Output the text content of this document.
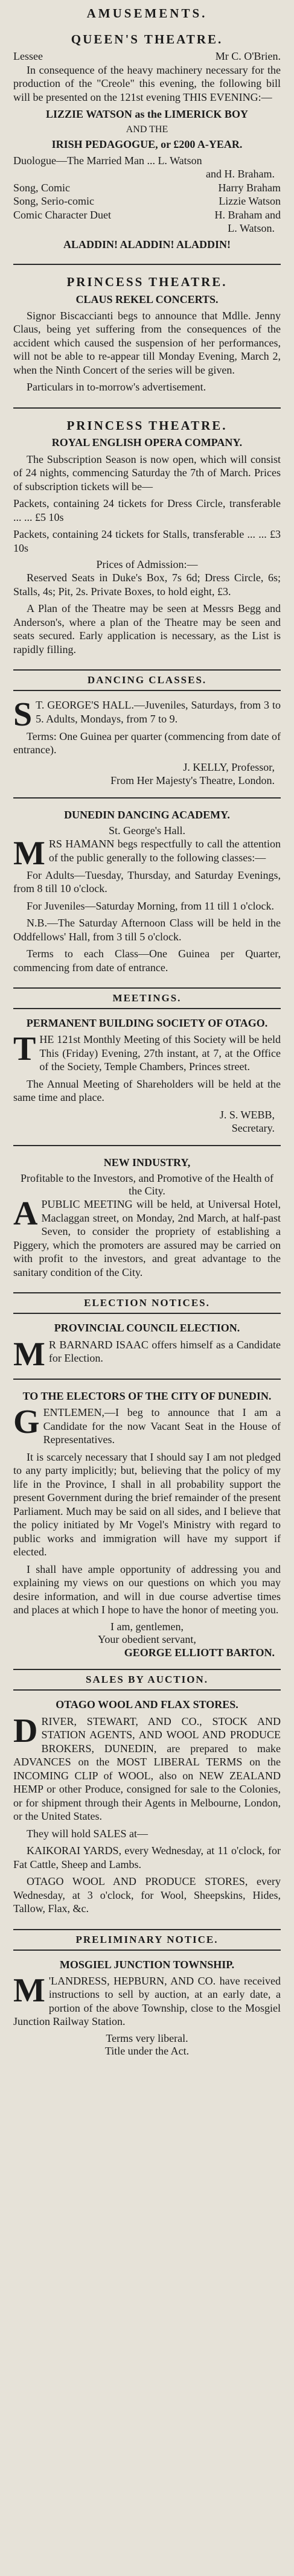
AMUSEMENTS.
QUEEN'S THEATRE.
Lessee	Mr C. O'Brien.

In consequence of the heavy machinery necessary for the production of the "Creole" this evening, the following bill will be presented on the 121st evening THIS EVENING:—

LIZZIE WATSON as the LIMERICK BOY
AND THE
IRISH PEDAGOGUE, or £200 A-YEAR.
Duologue—The Married Man ... L. Watson
and H. Braham.
Song, Comic	Harry Braham
Song, Serio-comic	Lizzie Watson
Comic Character Duet	H. Braham and
L. Watson.
ALADDIN! ALADDIN! ALADDIN!
PRINCESS THEATRE.
CLAUS REKEL CONCERTS.

Signor Biscaccianti begs to announce that Mdlle. Jenny Claus, being yet suffering from the consequences of the accident which caused the suspension of her performances, will not be able to re-appear till Monday Evening, March 2, when the Ninth Concert of the series will be given.

Particulars in to-morrow's advertisement.

PRINCESS THEATRE.
ROYAL ENGLISH OPERA COMPANY.

The Subscription Season is now open, which will consist of 24 nights, commencing Saturday the 7th of March. Prices of subscription tickets will be—

Packets, containing 24 tickets for Dress Circle, transferable ... ... £5 10s

Packets, containing 24 tickets for Stalls, transferable ... ... £3 10s

Prices of Admission:—

Reserved Seats in Duke's Box, 7s 6d; Dress Circle, 6s; Stalls, 4s; Pit, 2s. Private Boxes, to hold eight, £3.

A Plan of the Theatre may be seen at Messrs Begg and Anderson's, where a plan of the Theatre may be seen and seats secured. Early application is necessary, as the List is rapidly filling.

DANCING CLASSES.

S T. GEORGE'S HALL.—Juveniles, Saturdays, from 3 to 5. Adults, Mondays, from 7 to 9.

Terms: One Guinea per quarter (commencing from date of entrance).

J. KELLY, Professor,
From Her Majesty's Theatre, London.
DUNEDIN DANCING ACADEMY.
St. George's Hall.

MRS HAMANN begs respectfully to call the attention of the public generally to the following classes:—

For Adults—Tuesday, Thursday, and Saturday Evenings, from 8 till 10 o'clock.

For Juveniles—Saturday Morning, from 11 till 1 o'clock.

N.B.—The Saturday Afternoon Class will be held in the Oddfellows' Hall, from 3 till 5 o'clock.

Terms to each Class—One Guinea per Quarter, commencing from date of entrance.

MEETINGS.
PERMANENT BUILDING SOCIETY OF OTAGO.

THE 121st Monthly Meeting of this Society will be held This (Friday) Evening, 27th instant, at 7, at the Office of the Society, Temple Chambers, Princes street.

The Annual Meeting of Shareholders will be held at the same time and place.

J. S. WEBB,
Secretary.
NEW INDUSTRY,
Profitable to the Investors, and Promotive of the Health of the City.

APUBLIC MEETING will be held, at Universal Hotel, Maclaggan street, on Monday, 2nd March, at half-past Seven, to consider the propriety of establishing a Piggery, which the promoters are assured may be carried on with profit to the investors, and great advantage to the sanitary condition of the City.

ELECTION NOTICES.
PROVINCIAL COUNCIL ELECTION.

M R BARNARD ISAAC offers himself as a Candidate for Election.

TO THE ELECTORS OF THE CITY OF DUNEDIN.

GENTLEMEN,—I beg to announce that I am a Candidate for the now Vacant Seat in the House of Representatives.

It is scarcely necessary that I should say I am not pledged to any party implicitly; but, believing that the policy of my life in the Province, I shall in all probability support the present Government during the brief remainder of the present Parliament. Much may be said on all sides, and I believe that the policy initiated by Mr Vogel's Ministry with regard to public works and immigration will have my support if elected.

I shall have ample opportunity of addressing you and explaining my views on our questions on which you may desire information, and will in due course advertise times and places at which I hope to have the honor of meeting you.

I am, gentlemen,
Your obedient servant,
GEORGE ELLIOTT BARTON.
SALES BY AUCTION.
OTAGO WOOL AND FLAX STORES.

DRIVER, STEWART, AND CO., STOCK AND STATION AGENTS, AND WOOL AND PRODUCE BROKERS, DUNEDIN, are prepared to make ADVANCES on the MOST LIBERAL TERMS on the INCOMING CLIP of WOOL, also on NEW ZEALAND HEMP or other Produce, consigned for sale to the Colonies, or for shipment through their Agents in Melbourne, London, or the United States.

They will hold SALES at—

KAIKORAI YARDS, every Wednesday, at 11 o'clock, for Fat Cattle, Sheep and Lambs.

OTAGO WOOL AND PRODUCE STORES, every Wednesday, at 3 o'clock, for Wool, Sheepskins, Hides, Tallow, Flax, &c.

PRELIMINARY NOTICE.
MOSGIEL JUNCTION TOWNSHIP.

M 'LANDRESS, HEPBURN, AND CO. have received instructions to sell by auction, at an early date, a portion of the above Township, close to the Mosgiel Junction Railway Station.

Terms very liberal.
Title under the Act.
